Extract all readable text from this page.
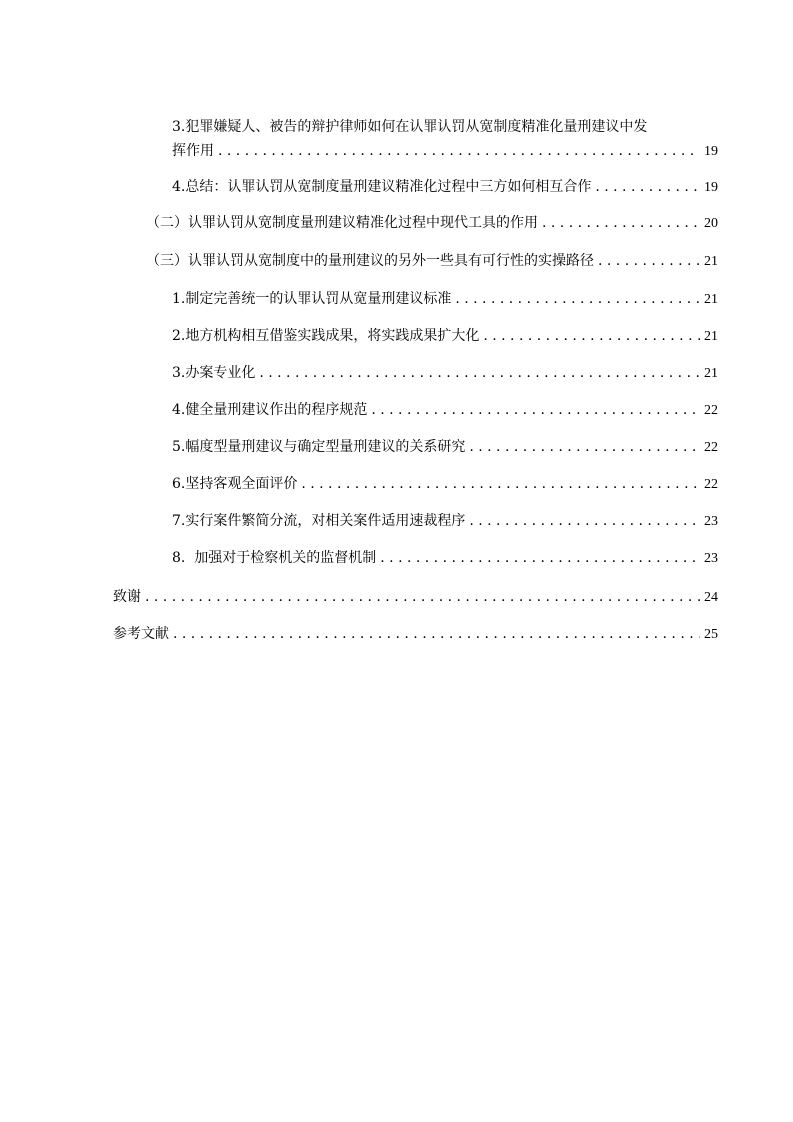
3.犯罪嫌疑人、被告的辩护律师如何在认罪认罚从宽制度精准化量刑建议中发
挥作用 . . .	19
4.总结：认罪认罚从宽制度量刑建议精准化过程中三方如何相互合作 . . .	19
（二）认罪认罚从宽制度量刑建议精准化过程中现代工具的作用 . . .	20
（三）认罪认罚从宽制度中的量刑建议的另外一些具有可行性的实操路径 . . .	21
1.制定完善统一的认罪认罚从宽量刑建议标准 . . .	21
2.地方机构相互借鉴实践成果，将实践成果扩大化 . . .	21
3.办案专业化 . . .	21
4.健全量刑建议作出的程序规范 . . .	22
5.幅度型量刑建议与确定型量刑建议的关系研究 . . .	22
6.坚持客观全面评价 . . .	22
7.实行案件繁简分流，对相关案件适用速裁程序 . . .	23
8.  加强对于检察机关的监督机制 . . .	23
致谢 . . .	24
参考文献 . . .	25
